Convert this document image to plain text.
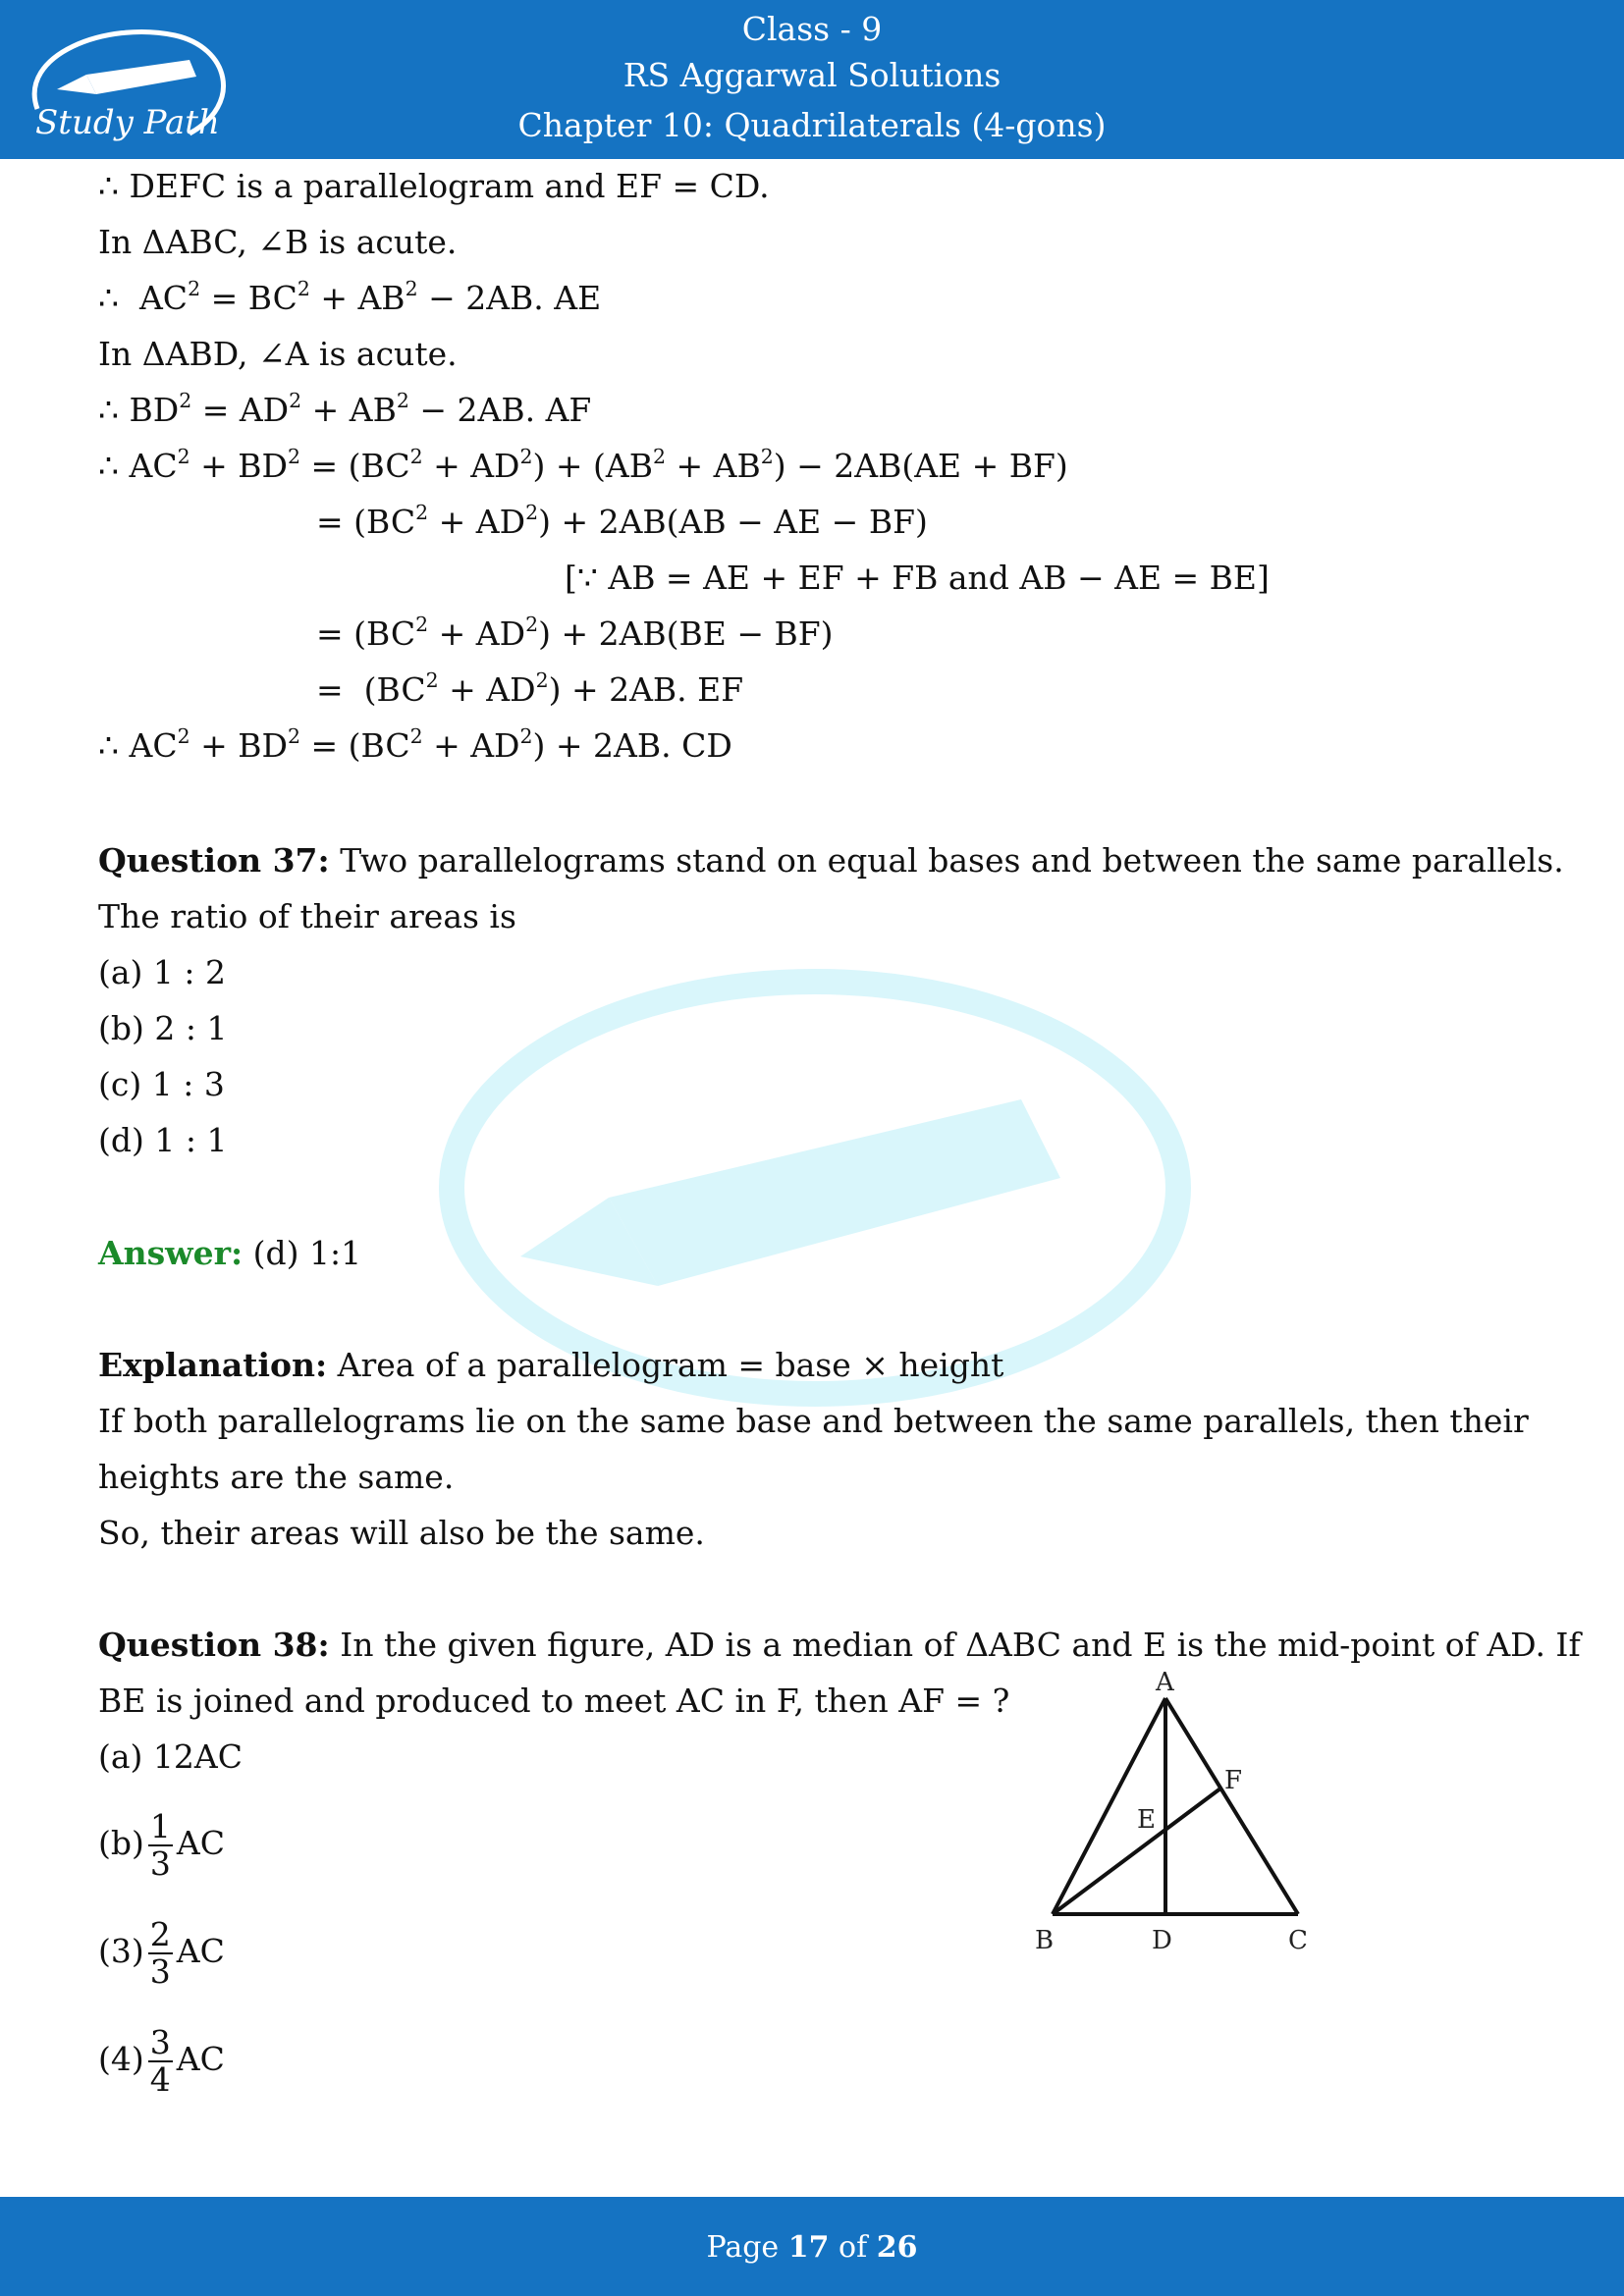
Study Path
Class - 9
RS Aggarwal Solutions
Chapter 10: Quadrilaterals (4-gons)
∴ DEFC is a parallelogram and EF = CD.
In ΔABC, ∠B is acute.
∴  $AC^2 = BC^2 + AB^2 - 2AB$. AE
In ΔABD, ∠A is acute.
∴ $BD^2 = AD^2 + AB^2 - 2AB$. AF
∴ $AC^2 + BD^2 = (BC^2 + AD^2) + (AB^2 + AB^2) - 2AB(AE + BF)$
= $(BC^2 + AD^2) + 2AB(AB$ − AE − BF)
[∵ AB = AE + EF + FB and AB − AE = BE]
= $(BC^2 + AD^2) + 2AB(BE - BF)$
=  $(BC^2 + AD^2) + 2AB$. EF
∴ $AC^2 + BD^2 = (BC^2 + AD^2) + 2AB$. CD
Question 37: Two parallelograms stand on equal bases and between the same parallels.
The ratio of their areas is
(a) 1 : 2
(b) 2 : 1
(c) 1 : 3
(d) 1 : 1
Answer: (d) 1:1
Explanation: Area of a parallelogram = base × height
If both parallelograms lie on the same base and between the same parallels, then their
heights are the same.
So, their areas will also be the same.
Question 38: In the given figure, AD is a median of ΔABC and E is the mid-point of AD. If
BE is joined and produced to meet AC in F, then AF = ?
(a) 12AC
$(b) \frac{1}{3}$ AC
$(3) \frac{2}{3}$ AC
$(4) \frac{3}{4}$ AC
A
B	C
D
E
F
Page 17 of 26
